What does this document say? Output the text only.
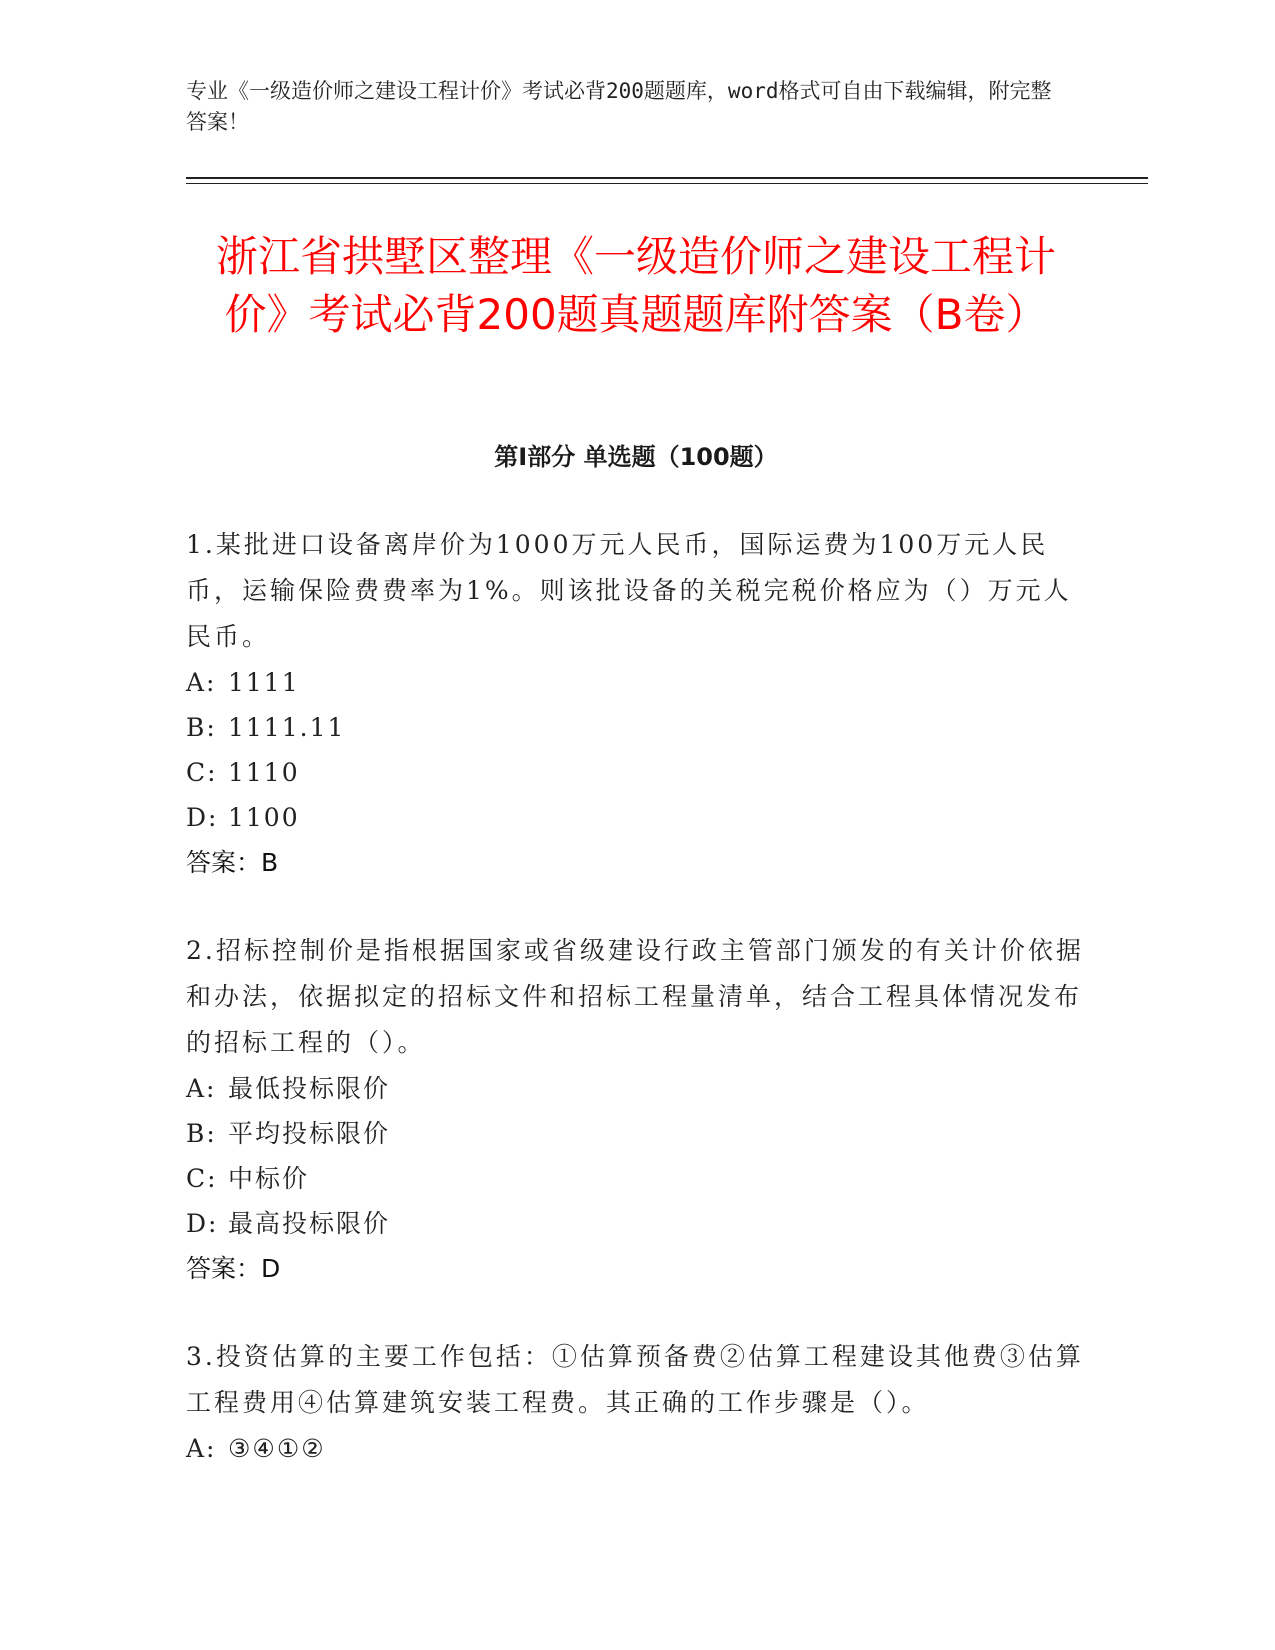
专业《一级造价师之建设工程计价》考试必背200题题库，word格式可自由下载编辑，附完整答案！

浙江省拱墅区整理《一级造价师之建设工程计价》考试必背200题真题题库附答案（B卷）
第I部分 单选题（100题）

1.某批进口设备离岸价为1000万元人民币，国际运费为100万元人民币，运输保险费费率为1%。则该批设备的关税完税价格应为（）万元人民币。

A: 1111

B: 1111.11

C: 1110

D: 1100

答案：B

2.招标控制价是指根据国家或省级建设行政主管部门颁发的有关计价依据和办法，依据拟定的招标文件和招标工程量清单，结合工程具体情况发布的招标工程的（）。

A: 最低投标限价

B: 平均投标限价

C: 中标价

D: 最高投标限价

答案：D

3.投资估算的主要工作包括：①估算预备费②估算工程建设其他费③估算工程费用④估算建筑安装工程费。其正确的工作步骤是（）。

A: ③④①②
